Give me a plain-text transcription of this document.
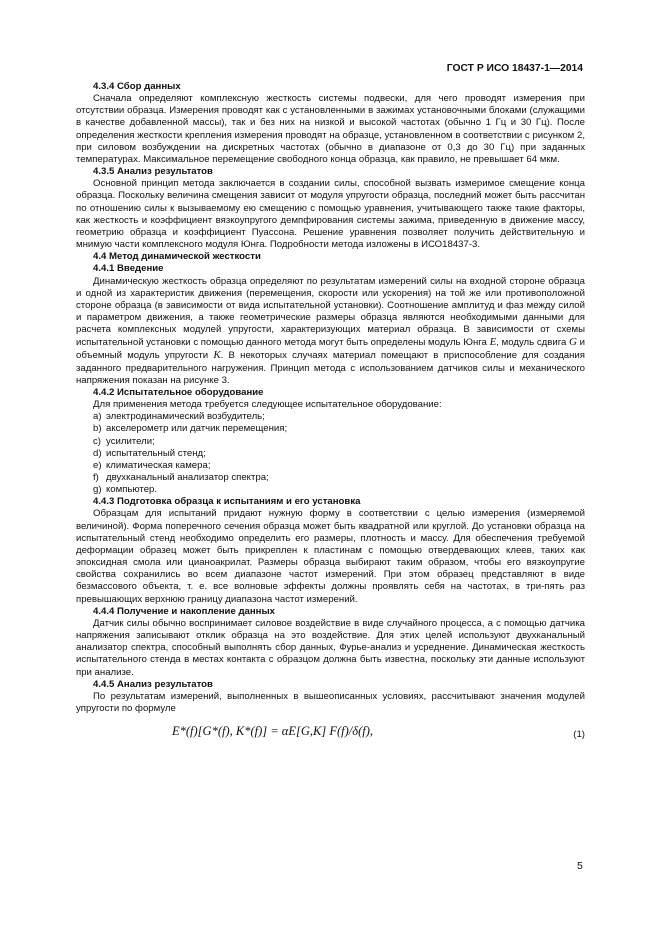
ГОСТ Р ИСО 18437-1—2014

4.3.4 Сбор данных

Сначала определяют комплексную жесткость системы подвески, для чего проводят измерения при отсутствии образца. Измерения проводят как с установленными в зажимах установочными блоками (служащими в качестве добавленной массы), так и без них на низкой и высокой частотах (обычно 1 Гц и 30 Гц). После определения жесткости крепления измерения проводят на образце, установленном в соответствии с рисунком 2, при силовом возбуждении на дискретных частотах (обычно в диапазоне от 0,3 до 30 Гц) при заданных температурах. Максимальное перемещение свободного конца образца, как правило, не превышает 64 мкм.

4.3.5 Анализ результатов

Основной принцип метода заключается в создании силы, способной вызвать измеримое смещение конца образца. Поскольку величина смещения зависит от модуля упругости образца, последний может быть рассчитан по отношению силы к вызываемому ею смещению с помощью уравнения, учитывающего также такие факторы, как жесткость и коэффициент вязкоупругого демпфирования системы зажима, приведенную в движение массу, геометрию образца и коэффициент Пуассона. Решение уравнения позволяет получить действительную и мнимую части комплексного модуля Юнга. Подробности метода изложены в ИСО18437-3.

4.4 Метод динамической жесткости

4.4.1 Введение

Динамическую жесткость образца определяют по результатам измерений силы на входной стороне образца и одной из характеристик движения (перемещения, скорости или ускорения) на той же или противоположной стороне образца (в зависимости от вида испытательной установки). Соотношение амплитуд и фаз между силой и параметром движения, а также геометрические размеры образца являются необходимыми данными для расчета комплексных модулей упругости, характеризующих материал образца. В зависимости от схемы испытательной установки с помощью данного метода могут быть определены модуль Юнга E, модуль сдвига G и объемный модуль упругости K. В некоторых случаях материал помещают в приспособление для создания заданного предварительного нагружения. Принцип метода с использованием датчиков силы и механического напряжения показан на рисунке 3.

4.4.2 Испытательное оборудование

Для применения метода требуется следующее испытательное оборудование:

a) электродинамический возбудитель;
b) акселерометр или датчик перемещения;
c) усилители;
d) испытательный стенд;
e) климатическая камера;
f) двухканальный анализатор спектра;
g) компьютер.

4.4.3 Подготовка образца к испытаниям и его установка

Образцам для испытаний придают нужную форму в соответствии с целью измерения (измеряемой величиной). Форма поперечного сечения образца может быть квадратной или круглой. До установки образца на испытательный стенд необходимо определить его размеры, плотность и массу. Для обеспечения требуемой деформации образец может быть прикреплен к пластинам с помощью отвердевающих клеев, таких как эпоксидная смола или цианоакрилат. Размеры образца выбирают таким образом, чтобы его вязкоупругие свойства сохранились во всем диапазоне частот измерений. При этом образец представляют в виде безмассового объекта, т. е. все волновые эффекты должны проявлять себя на частотах, в три-пять раз превышающих верхнюю границу диапазона частот измерений.

4.4.4 Получение и накопление данных

Датчик силы обычно воспринимает силовое воздействие в виде случайного процесса, а с помощью датчика напряжения записывают отклик образца на это воздействие. Для этих целей используют двухканальный анализатор спектра, способный выполнять сбор данных, Фурье-анализ и усреднение. Динамическая жесткость испытательного стенда в местах контакта с образцом должна быть известна, поскольку эти данные используют при анализе.

4.4.5 Анализ результатов

По результатам измерений, выполненных в вышеописанных условиях, рассчитывают значения модулей упругости по формуле

E*(f)[G*(f), K*(f)] = αE[G,K] F(f)/δ(f),	(1)
5
